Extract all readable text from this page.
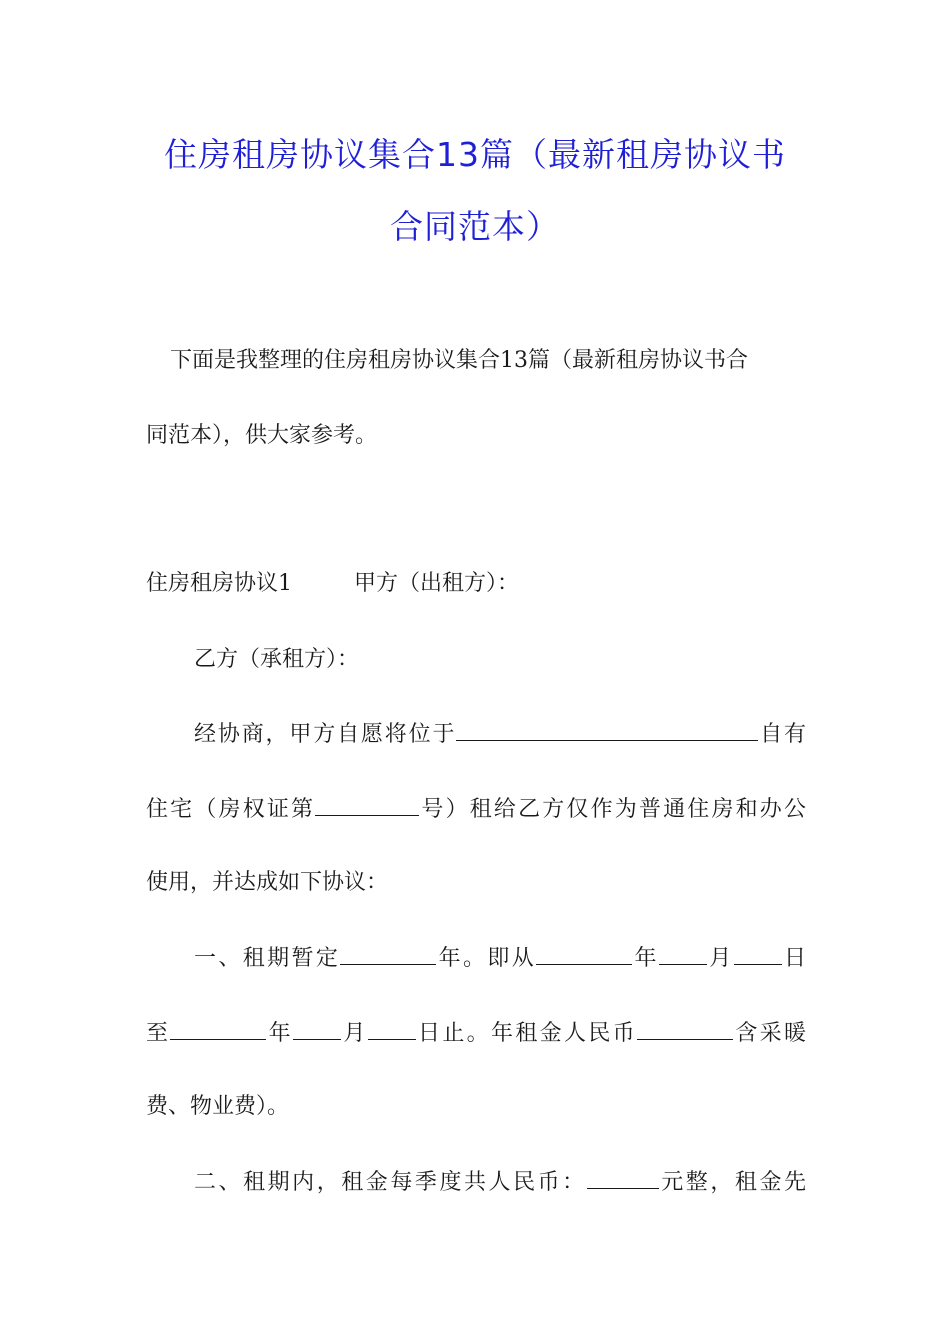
住房租房协议集合13篇（最新租房协议书
合同范本）
下面是我整理的住房租房协议集合13篇（最新租房协议书合
同范本），供大家参考。
住房租房协议1	甲方（出租方）：
乙方（承租方）：
经协商，甲方自愿将位于	自有
住宅（房权证第	号）租给乙方仅作为普通住房和办公
使用，并达成如下协议：
一、租期暂定	年。即从	年 月 日
至	年 月 日止。年租金人民币	含采暖
费、物业费）。
二、租期内，租金每季度共人民币：	元整，租金先
